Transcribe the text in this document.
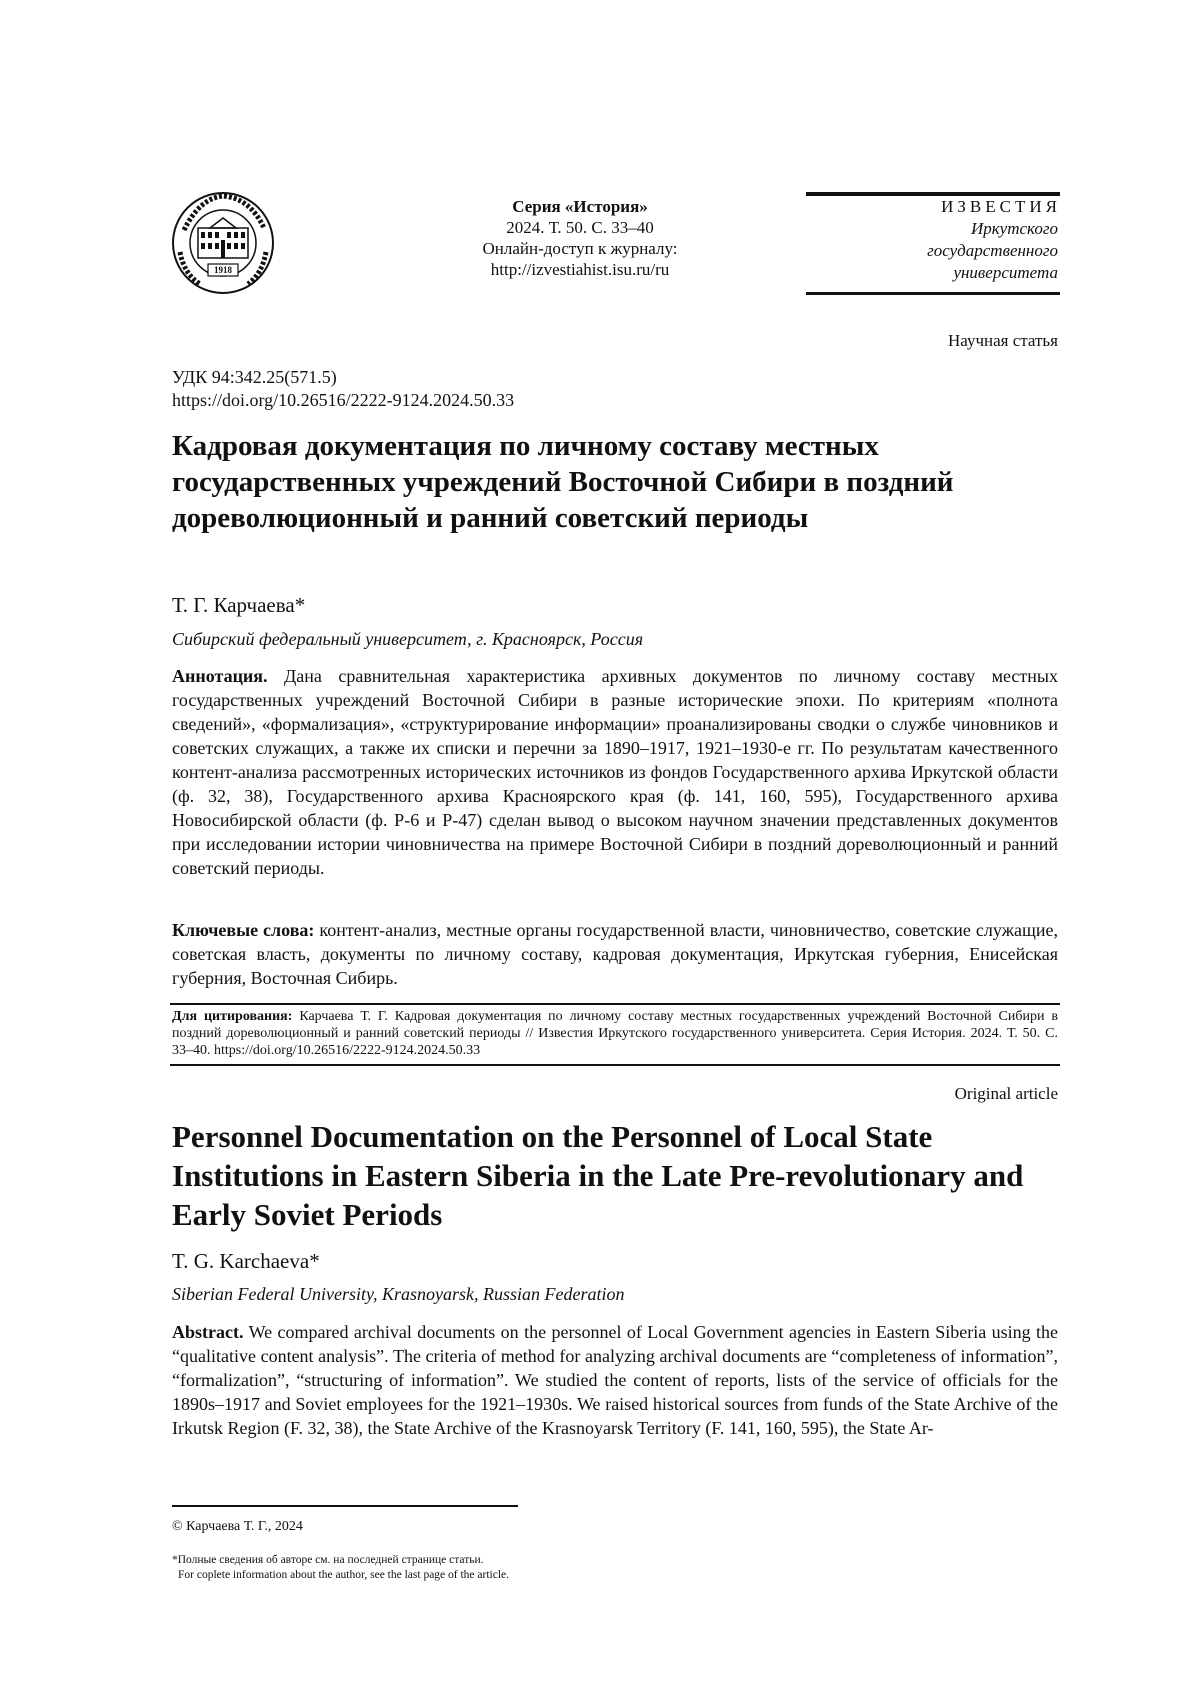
1918
Серия «История»
2024. Т. 50. С. 33–40
Онлайн-доступ к журналу:
http://izvestiahist.isu.ru/ru
ИЗВЕСТИЯ
Иркутского
государственного
университета
Научная статья
УДК 94:342.25(571.5)
https://doi.org/10.26516/2222-9124.2024.50.33
Кадровая документация по личному составу местных государственных учреждений Восточной Сибири в поздний дореволюционный и ранний советский периоды
Т. Г. Карчаева*
Сибирский федеральный университет, г. Красноярск, Россия
Аннотация. Дана сравнительная характеристика архивных документов по личному составу местных государственных учреждений Восточной Сибири в разные исторические эпохи. По критериям «полнота сведений», «формализация», «структурирование информации» проанализированы сводки о службе чиновников и советских служащих, а также их списки и перечни за 1890–1917, 1921–1930-е гг. По результатам качественного контент-анализа рассмотренных исторических источников из фондов Государственного архива Иркутской области (ф. 32, 38), Государственного архива Красноярского края (ф. 141, 160, 595), Государственного архива Новосибирской области (ф. Р-6 и Р-47) сделан вывод о высоком научном значении представленных документов при исследовании истории чиновничества на примере Восточной Сибири в поздний дореволюционный и ранний советский периоды.
Ключевые слова: контент-анализ, местные органы государственной власти, чиновничество, советские служащие, советская власть, документы по личному составу, кадровая документация, Иркутская губерния, Енисейская губерния, Восточная Сибирь.
Для цитирования: Карчаева Т. Г. Кадровая документация по личному составу местных государственных учреждений Восточной Сибири в поздний дореволюционный и ранний советский периоды // Известия Иркутского государственного университета. Серия История. 2024. Т. 50. С. 33–40. https://doi.org/10.26516/2222-9124.2024.50.33
Original article
Personnel Documentation on the Personnel of Local State Institutions in Eastern Siberia in the Late Pre-revolutionary and Early Soviet Periods
T. G. Karchaeva*
Siberian Federal University, Krasnoyarsk, Russian Federation
Abstract. We compared archival documents on the personnel of Local Government agencies in Eastern Siberia using the “qualitative content analysis”. The criteria of method for analyzing archival documents are “completeness of information”, “formalization”, “structuring of information”. We studied the content of reports, lists of the service of officials for the 1890s–1917 and Soviet employees for the 1921–1930s. We raised historical sources from funds of the State Archive of the Irkutsk Region (F. 32, 38), the State Archive of the Krasnoyarsk Territory (F. 141, 160, 595), the State Ar-
© Карчаева Т. Г., 2024
*Полные сведения об авторе см. на последней странице статьи.
For coplete information about the author, see the last page of the article.
